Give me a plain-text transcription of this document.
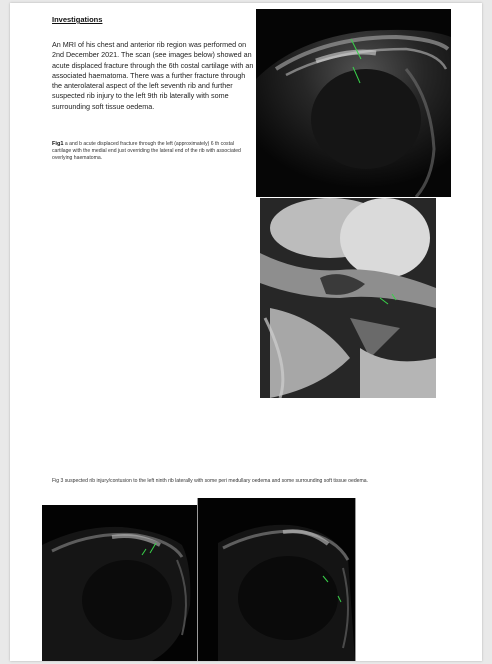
Investigations

An MRI of his chest and anterior rib region was performed on 2nd December 2021. The scan (see images below) showed an acute displaced fracture through the 6th costal cartilage with an associated haematoma. There was a further fracture through the anterolateral aspect of the left seventh rib and further suspected rib injury to the left 9th rib laterally with some surrounding soft tissue oedema.

Fig1 a and b acute displaced fracture through the left (approximately) 6 th costal cartilage with the medial end just overriding the lateral end of the rib with associated overlying haematoma.

Fig 3 suspected rib injury/contusion to the left ninth rib laterally with some peri medullary oedema and some surrounding soft tissue oedema.
